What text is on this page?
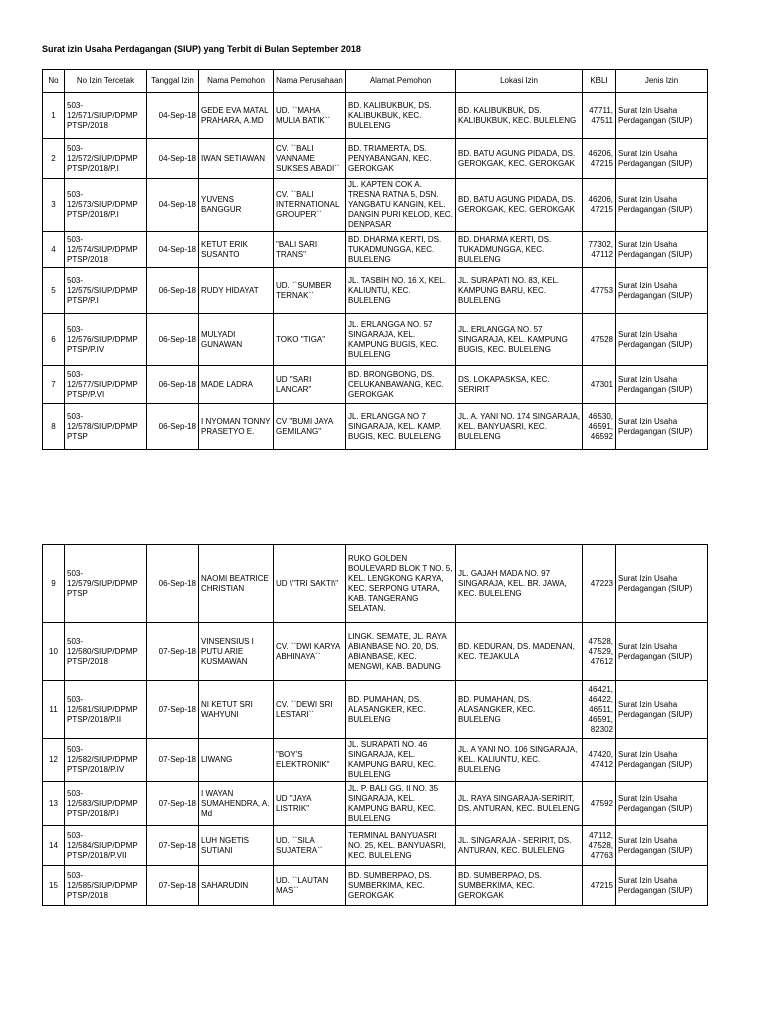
Surat izin Usaha Perdagangan (SIUP) yang Terbit di Bulan September 2018
No	No Izin Tercetak	Tanggal Izin	Nama Pemohon	Nama Perusahaan	Alamat Pemohon	Lokasi Izin	KBLI	Jenis Izin
1	503-12/571/SIUP/DPMP PTSP/2018	04-Sep-18	GEDE EVA MATAL PRAHARA, A.MD	UD. ``MAHA MULIA BATIK``	BD. KALIBUKBUK, DS. KALIBUKBUK, KEC. BULELENG	BD. KALIBUKBUK, DS. KALIBUKBUK, KEC. BULELENG	47711, 47511	Surat Izin Usaha Perdagangan (SIUP)
2	503-12/572/SIUP/DPMP PTSP/2018/P.I	04-Sep-18	IWAN SETIAWAN	CV. ``BALI VANNAME SUKSES ABADI``	BD. TRIAMERTA, DS. PENYABANGAN, KEC. GEROKGAK	BD. BATU AGUNG PIDADA, DS. GEROKGAK, KEC. GEROKGAK	46206, 47215	Surat Izin Usaha Perdagangan (SIUP)
3	503-12/573/SIUP/DPMP PTSP/2018/P.I	04-Sep-18	YUVENS BANGGUR	CV. ``BALI INTERNATIONAL GROUPER``	JL. KAPTEN COK A. TRESNA RATNA 5, DSN. YANGBATU KANGIN, KEL. DANGIN PURI KELOD, KEC. DENPASAR	BD. BATU AGUNG PIDADA, DS. GEROKGAK, KEC. GEROKGAK	46206, 47215	Surat Izin Usaha Perdagangan (SIUP)
4	503-12/574/SIUP/DPMP PTSP/2018	04-Sep-18	KETUT ERIK SUSANTO	"BALI SARI TRANS"	BD. DHARMA KERTI, DS. TUKADMUNGGA, KEC. BULELENG	BD. DHARMA KERTI, DS. TUKADMUNGGA, KEC. BULELENG	77302, 47112	Surat Izin Usaha Perdagangan (SIUP)
5	503-12/575/SIUP/DPMP PTSP/P.I	06-Sep-18	RUDY HIDAYAT	UD. ``SUMBER TERNAK``	JL. TASBIH NO. 16 X, KEL. KALIUNTU, KEC. BULELENG	JL. SURAPATI NO. 83, KEL. KAMPUNG BARU, KEC. BULELENG	47753	Surat Izin Usaha Perdagangan (SIUP)
6	503-12/576/SIUP/DPMP PTSP/P.IV	06-Sep-18	MULYADI GUNAWAN	TOKO "TIGA"	JL. ERLANGGA NO. 57 SINGARAJA, KEL. KAMPUNG BUGIS, KEC. BULELENG	JL. ERLANGGA NO. 57 SINGARAJA, KEL. KAMPUNG BUGIS, KEC. BULELENG	47528	Surat Izin Usaha Perdagangan (SIUP)
7	503-12/577/SIUP/DPMP PTSP/P.VI	06-Sep-18	MADE LADRA	UD "SARI LANCAR"	BD. BRONGBONG, DS. CELUKANBAWANG, KEC. GEROKGAK	DS. LOKAPASKSA, KEC. SERIRIT	47301	Surat Izin Usaha Perdagangan (SIUP)
8	503-12/578/SIUP/DPMP PTSP	06-Sep-18	I NYOMAN TONNY PRASETYO E.	CV "BUMI JAYA GEMILANG"	JL. ERLANGGA NO 7 SINGARAJA, KEL. KAMP. BUGIS, KEC. BULELENG	JL. A. YANI NO. 174 SINGARAJA, KEL. BANYUASRI, KEC. BULELENG	46530, 46591, 46592	Surat Izin Usaha Perdagangan (SIUP)
9	503-12/579/SIUP/DPMP PTSP	06-Sep-18	NAOMI BEATRICE CHRISTIAN	UD \"TRI SAKTI\"	RUKO GOLDEN BOULEVARD BLOK T NO. 5, KEL. LENGKONG KARYA, KEC. SERPONG UTARA, KAB. TANGERANG SELATAN.	JL. GAJAH MADA NO. 97 SINGARAJA, KEL. BR. JAWA, KEC. BULELENG	47223	Surat Izin Usaha Perdagangan (SIUP)
10	503-12/580/SIUP/DPMP PTSP/2018	07-Sep-18	VINSENSIUS I PUTU ARIE KUSMAWAN	CV. ``DWI KARYA ABHINAYA``	LINGK. SEMATE, JL. RAYA ABIANBASE NO. 20, DS. ABIANBASE, KEC. MENGWI, KAB. BADUNG	BD. KEDURAN, DS. MADENAN, KEC. TEJAKULA	47528, 47529, 47612	Surat Izin Usaha Perdagangan (SIUP)
11	503-12/581/SIUP/DPMP PTSP/2018/P.II	07-Sep-18	NI KETUT SRI WAHYUNI	CV. ``DEWI SRI LESTARI``	BD. PUMAHAN, DS. ALASANGKER, KEC. BULELENG	BD. PUMAHAN, DS. ALASANGKER, KEC. BULELENG	46421, 46422, 46511, 46591, 82302	Surat Izin Usaha Perdagangan (SIUP)
12	503-12/582/SIUP/DPMP PTSP/2018/P.IV	07-Sep-18	LIWANG	"BOY'S ELEKTRONIK"	JL. SURAPATI NO. 46 SINGARAJA, KEL. KAMPUNG BARU, KEC. BULELENG	JL. A YANI NO. 106 SINGARAJA, KEL. KALIUNTU, KEC. BULELENG	47420, 47412	Surat Izin Usaha Perdagangan (SIUP)
13	503-12/583/SIUP/DPMP PTSP/2018/P.I	07-Sep-18	I WAYAN SUMAHENDRA, A. Md	UD "JAYA LISTRIK"	JL. P. BALI GG. II NO. 35 SINGARAJA, KEL. KAMPUNG BARU, KEC. BULELENG	JL. RAYA SINGARAJA-SERIRIT, DS. ANTURAN, KEC. BULELENG	47592	Surat Izin Usaha Perdagangan (SIUP)
14	503-12/584/SIUP/DPMP PTSP/2018/P.VII	07-Sep-18	LUH NGETIS SUTIANI	UD. ``SILA SUJATERA``	TERMINAL BANYUASRI NO. 25, KEL. BANYUASRI, KEC. BULELENG	JL. SINGARAJA - SERIRIT, DS. ANTURAN, KEC. BULELENG	47112, 47528, 47763	Surat Izin Usaha Perdagangan (SIUP)
15	503-12/585/SIUP/DPMP PTSP/2018	07-Sep-18	SAHARUDIN	UD. ``LAUTAN MAS``	BD. SUMBERPAO, DS. SUMBERKIMA, KEC. GEROKGAK	BD. SUMBERPAO, DS. SUMBERKIMA, KEC. GEROKGAK	47215	Surat Izin Usaha Perdagangan (SIUP)
